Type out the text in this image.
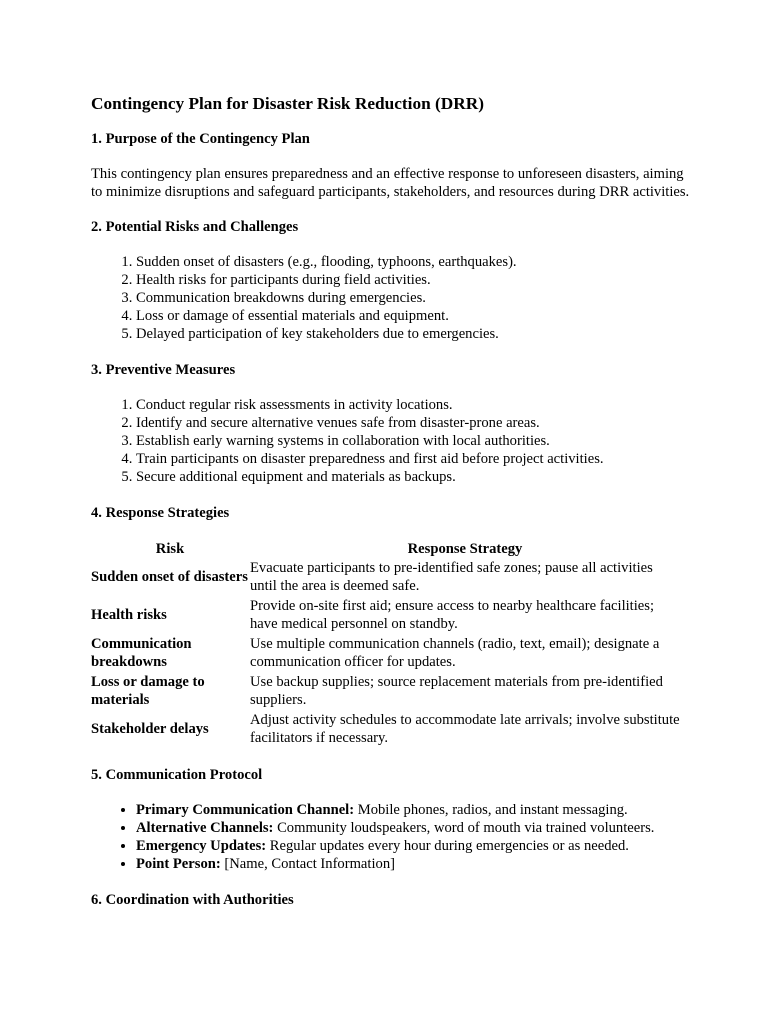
Contingency Plan for Disaster Risk Reduction (DRR)
1. Purpose of the Contingency Plan

This contingency plan ensures preparedness and an effective response to unforeseen disasters, aiming to minimize disruptions and safeguard participants, stakeholders, and resources during DRR activities.

2. Potential Risks and Challenges
1. Sudden onset of disasters (e.g., flooding, typhoons, earthquakes).
2. Health risks for participants during field activities.
3. Communication breakdowns during emergencies.
4. Loss or damage of essential materials and equipment.
5. Delayed participation of key stakeholders due to emergencies.
3. Preventive Measures
1. Conduct regular risk assessments in activity locations.
2. Identify and secure alternative venues safe from disaster-prone areas.
3. Establish early warning systems in collaboration with local authorities.
4. Train participants on disaster preparedness and first aid before project activities.
5. Secure additional equipment and materials as backups.
4. Response Strategies
Risk	Response Strategy
Sudden onset of disasters	Evacuate participants to pre-identified safe zones; pause all activities until the area is deemed safe.
Health risks	Provide on-site first aid; ensure access to nearby healthcare facilities; have medical personnel on standby.
Communication breakdowns	Use multiple communication channels (radio, text, email); designate a communication officer for updates.
Loss or damage to materials	Use backup supplies; source replacement materials from pre-identified suppliers.
Stakeholder delays	Adjust activity schedules to accommodate late arrivals; involve substitute facilitators if necessary.
5. Communication Protocol
• Primary Communication Channel: Mobile phones, radios, and instant messaging.
• Alternative Channels: Community loudspeakers, word of mouth via trained volunteers.
• Emergency Updates: Regular updates every hour during emergencies or as needed.
• Point Person: [Name, Contact Information]
6. Coordination with Authorities
